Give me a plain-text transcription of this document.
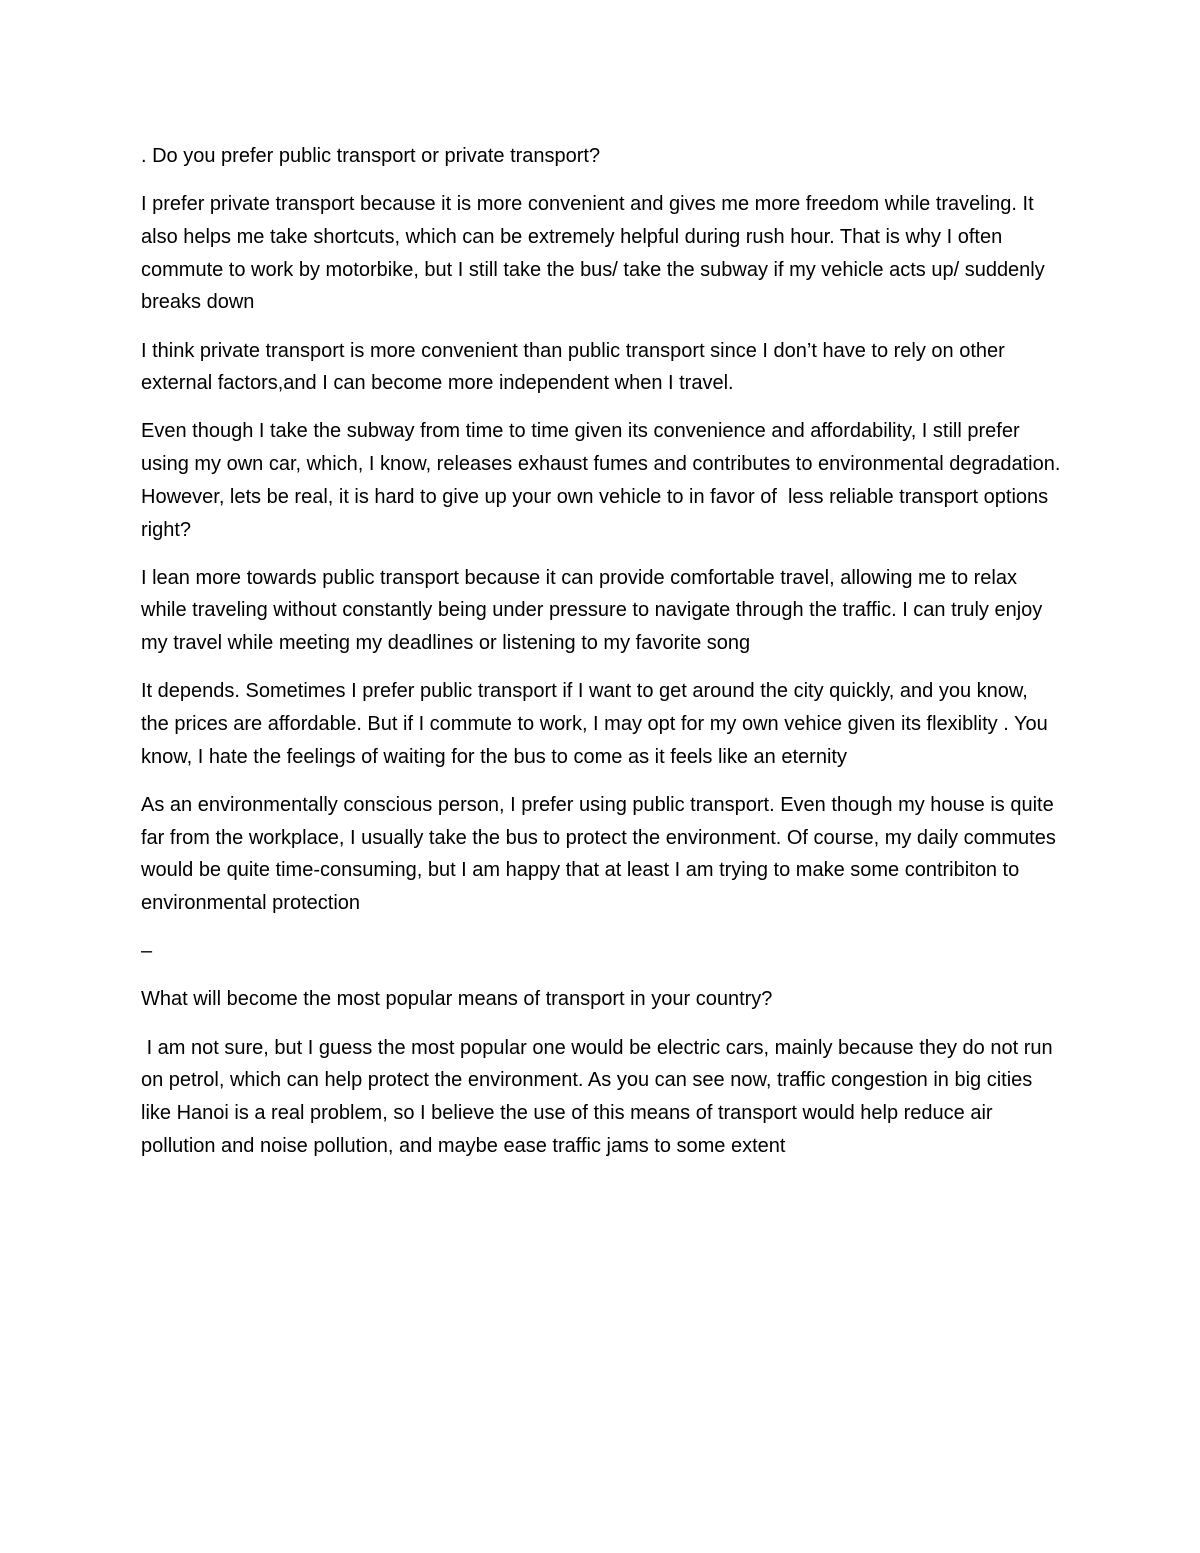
. Do you prefer public transport or private transport?

I prefer private transport because it is more convenient and gives me more freedom while traveling. It also helps me take shortcuts, which can be extremely helpful during rush hour. That is why I often commute to work by motorbike, but I still take the bus/ take the subway if my vehicle acts up/ suddenly breaks down

I think private transport is more convenient than public transport since I don’t have to rely on other external factors,and I can become more independent when I travel.

Even though I take the subway from time to time given its convenience and affordability, I still prefer using my own car, which, I know, releases exhaust fumes and contributes to environmental degradation. However, lets be real, it is hard to give up your own vehicle to in favor of  less reliable transport options right?

I lean more towards public transport because it can provide comfortable travel, allowing me to relax while traveling without constantly being under pressure to navigate through the traffic. I can truly enjoy my travel while meeting my deadlines or listening to my favorite song

It depends. Sometimes I prefer public transport if I want to get around the city quickly, and you know, the prices are affordable. But if I commute to work, I may opt for my own vehice given its flexiblity . You know, I hate the feelings of waiting for the bus to come as it feels like an eternity

As an environmentally conscious person, I prefer using public transport. Even though my house is quite far from the workplace, I usually take the bus to protect the environment. Of course, my daily commutes would be quite time-consuming, but I am happy that at least I am trying to make some contribiton to environmental protection

–

What will become the most popular means of transport in your country?

I am not sure, but I guess the most popular one would be electric cars, mainly because they do not run on petrol, which can help protect the environment. As you can see now, traffic congestion in big cities like Hanoi is a real problem, so I believe the use of this means of transport would help reduce air pollution and noise pollution, and maybe ease traffic jams to some extent
